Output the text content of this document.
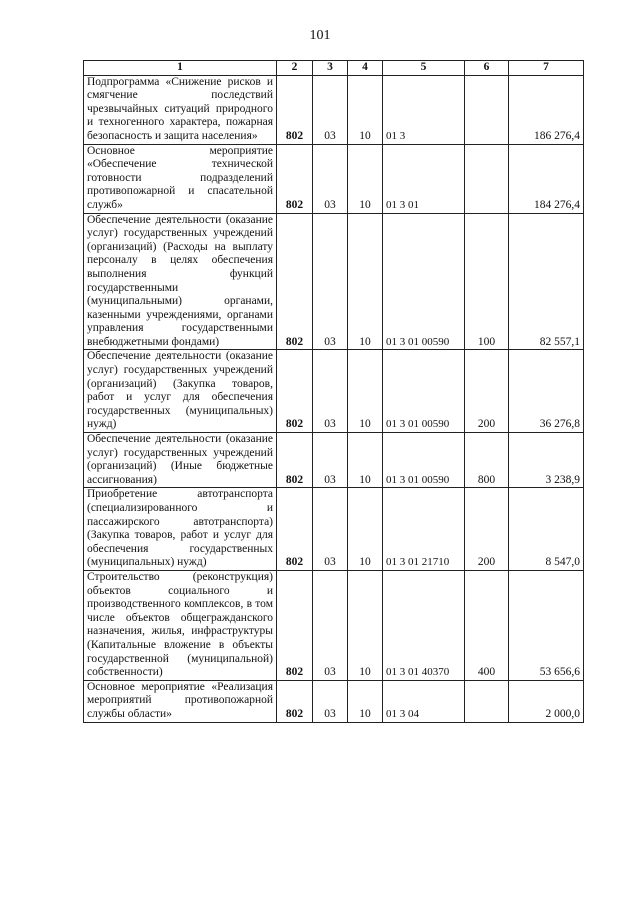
101
1	2	3	4	5	6	7
Подпрограмма «Снижение рисков и смягчение последствий чрезвычайных ситуаций природного и техногенного характера, пожарная безопасность и защита населения»	802	03	10	01 3		186 276,4
Основное мероприятие «Обеспечение технической готовности подразделений противопожарной и спасательной служб»	802	03	10	01 3 01		184 276,4
Обеспечение деятельности (оказание услуг) государственных учреждений (организаций) (Расходы на выплату персоналу в целях обеспечения выполнения функций государственными (муниципальными) органами, казенными учреждениями, органами управления государственными внебюджетными фондами)	802	03	10	01 3 01 00590	100	82 557,1
Обеспечение деятельности (оказание услуг) государственных учреждений (организаций) (Закупка товаров, работ и услуг для обеспечения государственных (муниципальных) нужд)	802	03	10	01 3 01 00590	200	36 276,8
Обеспечение деятельности (оказание услуг) государственных учреждений (организаций) (Иные бюджетные ассигнования)	802	03	10	01 3 01 00590	800	3 238,9
Приобретение автотранспорта (специализированного и пассажирского автотранспорта) (Закупка товаров, работ и услуг для обеспечения государственных (муниципальных) нужд)	802	03	10	01 3 01 21710	200	8 547,0
Строительство (реконструкция) объектов социального и производственного комплексов, в том числе объектов общегражданского назначения, жилья, инфраструктуры (Капитальные вложение в объекты государственной (муниципальной) собственности)	802	03	10	01 3 01 40370	400	53 656,6
Основное мероприятие «Реализация мероприятий противопожарной службы области»	802	03	10	01 3 04		2 000,0
